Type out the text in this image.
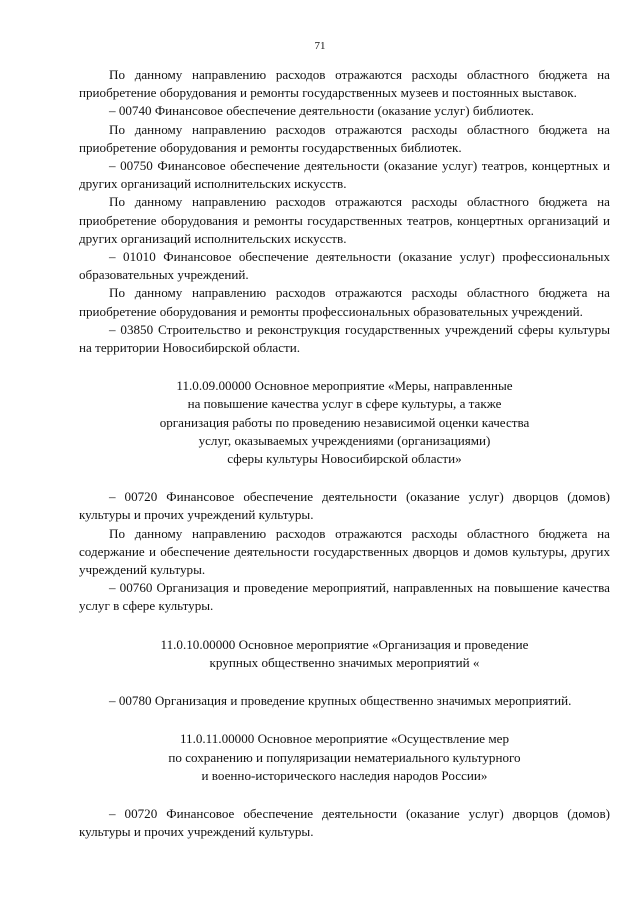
71

По данному направлению расходов отражаются расходы областного бюджета на приобретение оборудования и ремонты государственных музеев и постоянных выставок.

– 00740 Финансовое обеспечение деятельности (оказание услуг) библиотек.

По данному направлению расходов отражаются расходы областного бюджета на приобретение оборудования и ремонты государственных библиотек.

– 00750 Финансовое обеспечение деятельности (оказание услуг) театров, концертных и других организаций исполнительских искусств.

По данному направлению расходов отражаются расходы областного бюджета на приобретение оборудования и ремонты государственных театров, концертных организаций и других организаций исполнительских искусств.

– 01010 Финансовое обеспечение деятельности (оказание услуг) профессиональных образовательных учреждений.

По данному направлению расходов отражаются расходы областного бюджета на приобретение оборудования и ремонты профессиональных образовательных учреждений.

– 03850 Строительство и реконструкция государственных учреждений сферы культуры на территории Новосибирской области.

11.0.09.00000 Основное мероприятие «Меры, направленные
на повышение качества услуг в сфере культуры, а также
организация работы по проведению независимой оценки качества
услуг, оказываемых учреждениями (организациями)
сферы культуры Новосибирской области»

– 00720 Финансовое обеспечение деятельности (оказание услуг) дворцов (домов) культуры и прочих учреждений культуры.

По данному направлению расходов отражаются расходы областного бюджета на содержание и обеспечение деятельности государственных дворцов и домов культуры, других учреждений культуры.

– 00760 Организация и проведение мероприятий, направленных на повышение качества услуг в сфере культуры.

11.0.10.00000 Основное мероприятие «Организация и проведение
крупных общественно значимых мероприятий «

– 00780 Организация и проведение крупных общественно значимых мероприятий.

11.0.11.00000 Основное мероприятие «Осуществление мер
по сохранению и популяризации нематериального культурного
и военно-исторического наследия народов России»

– 00720 Финансовое обеспечение деятельности (оказание услуг) дворцов (домов) культуры и прочих учреждений культуры.
